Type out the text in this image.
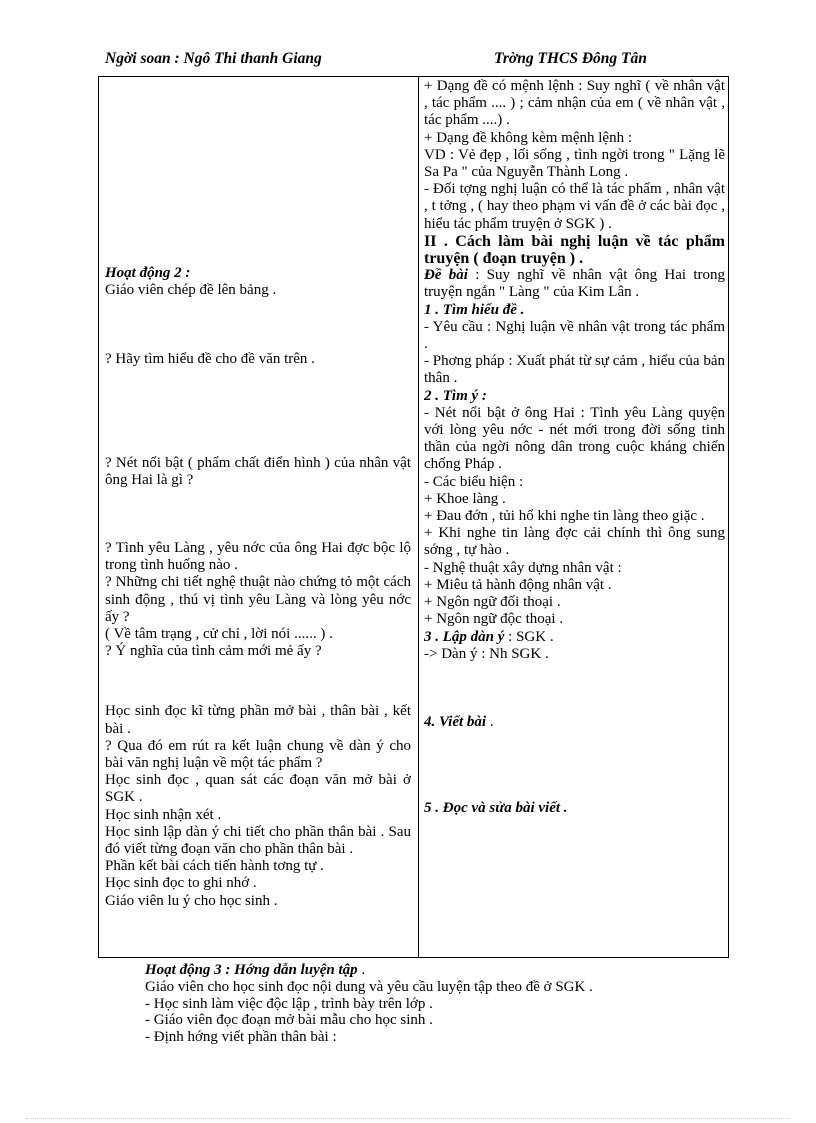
Ngời soan : Ngô Thi thanh Giang	Trờng THCS Đông Tân

Hoạt động 2 :

Giáo viên chép đề lên bảng .

? Hãy tìm hiểu đề cho đề văn trên .

? Nét nổi bật ( phẩm chất điển hình ) của nhân vật ông Hai là gì ?

? Tình yêu Làng , yêu nớc của ông Hai đợc bộc lộ trong tình huống nào .

? Những chi tiết nghệ thuật nào chứng tỏ một cách sinh động , thú vị tình yêu Làng và lòng yêu nớc ấy ?

( Về tâm trạng , cử chỉ , lời nói ...... ) .

? Ý nghĩa của tình cảm mới mẻ ấy ?

Học sinh đọc kĩ từng phần mở bài , thân bài , kết bài .

? Qua đó em rút ra kết luận chung về dàn ý cho bài văn nghị luận về một tác phẩm ?

Học sinh đọc , quan sát các đoạn văn mở bài ở SGK .

Học sinh nhận xét .

Học sinh lập dàn ý chi tiết cho phần thân bài . Sau đó viết từng đoạn văn cho phần thân bài .

Phần kết bài cách tiến hành tơng tự .

Học sinh đọc to ghi nhớ .

Giáo viên lu ý cho học sinh .

+ Dạng đề có mệnh lệnh : Suy nghĩ ( về nhân vật , tác phẩm .... ) ; cảm nhận của em ( về nhân vật , tác phẩm ....) .

+ Dạng đề không kèm mệnh lệnh :

VD : Vẻ đẹp , lối sống , tình ngời trong " Lặng lẽ Sa Pa " của Nguyễn Thành Long .

- Đối tợng nghị luận có thể là tác phẩm , nhân vật , t tởng , ( hay theo phạm vi vấn đề ở các bài đọc , hiểu tác phẩm truyện ở SGK ) .

II . Cách làm bài nghị luận về tác phẩm truyện ( đoạn truyện ) .

Đề bài : Suy nghĩ về nhân vật ông Hai trong truyện ngắn " Làng " của Kim Lân .

1 . Tìm hiểu đề .

- Yêu cầu : Nghị luận về nhân vật trong tác phẩm .

- Phơng pháp : Xuất phát từ sự cảm , hiểu của bản thân .

2 . Tìm ý :

- Nét nổi bật ở ông Hai : Tình yêu Làng quyện với lòng yêu nớc - nét mới trong đời sống tinh thần của ngời nông dân trong cuộc kháng chiến chống Pháp .

- Các biểu hiện :

+ Khoe làng .

+ Đau đớn , tủi hổ khi nghe tin làng theo giặc .

+ Khi nghe tin làng đợc cải chính thì ông sung sớng , tự hào .

- Nghệ thuật xây dựng nhân vật :

+ Miêu tả hành động nhân vật .

+ Ngôn ngữ đối thoại .

+ Ngôn ngữ độc thoại .

3 . Lập dàn ý : SGK .

-> Dàn ý : Nh SGK .

4. Viết bài .

5 . Đọc và sửa bài viết .

Hoạt động 3 : Hớng dẫn luyện tập .

Giáo viên cho học sinh đọc nội dung và yêu cầu luyện tập theo đề ở SGK .

- Học sinh làm việc độc lập , trình bày trên lớp .

- Giáo viên đọc đoạn mở bài mẫu cho học sinh .

- Định hớng viết phần thân bài :
